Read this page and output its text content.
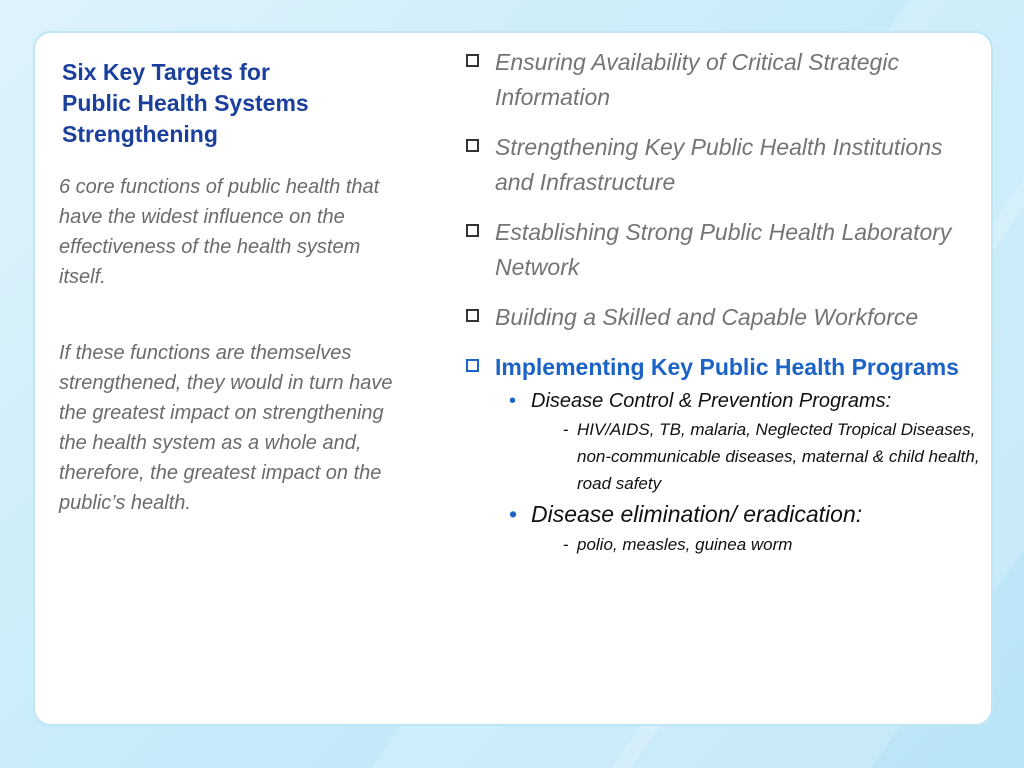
Six Key Targets for
Public Health Systems
Strengthening

6 core functions of public health that have the widest influence on the effectiveness of the health system itself.

If these functions are themselves strengthened, they would in turn have the greatest impact on strengthening the health system as a whole and, therefore, the greatest impact on the public’s health.

Ensuring Availability of Critical Strategic Information
Strengthening Key Public Health Institutions and Infrastructure
Establishing Strong Public Health Laboratory Network
Building a Skilled and Capable Workforce
Implementing Key Public Health Programs
• Disease Control & Prevention Programs:
- HIV/AIDS, TB, malaria, Neglected Tropical Diseases, non-communicable diseases, maternal & child health, road safety
• Disease elimination/ eradication:
- polio, measles, guinea worm
